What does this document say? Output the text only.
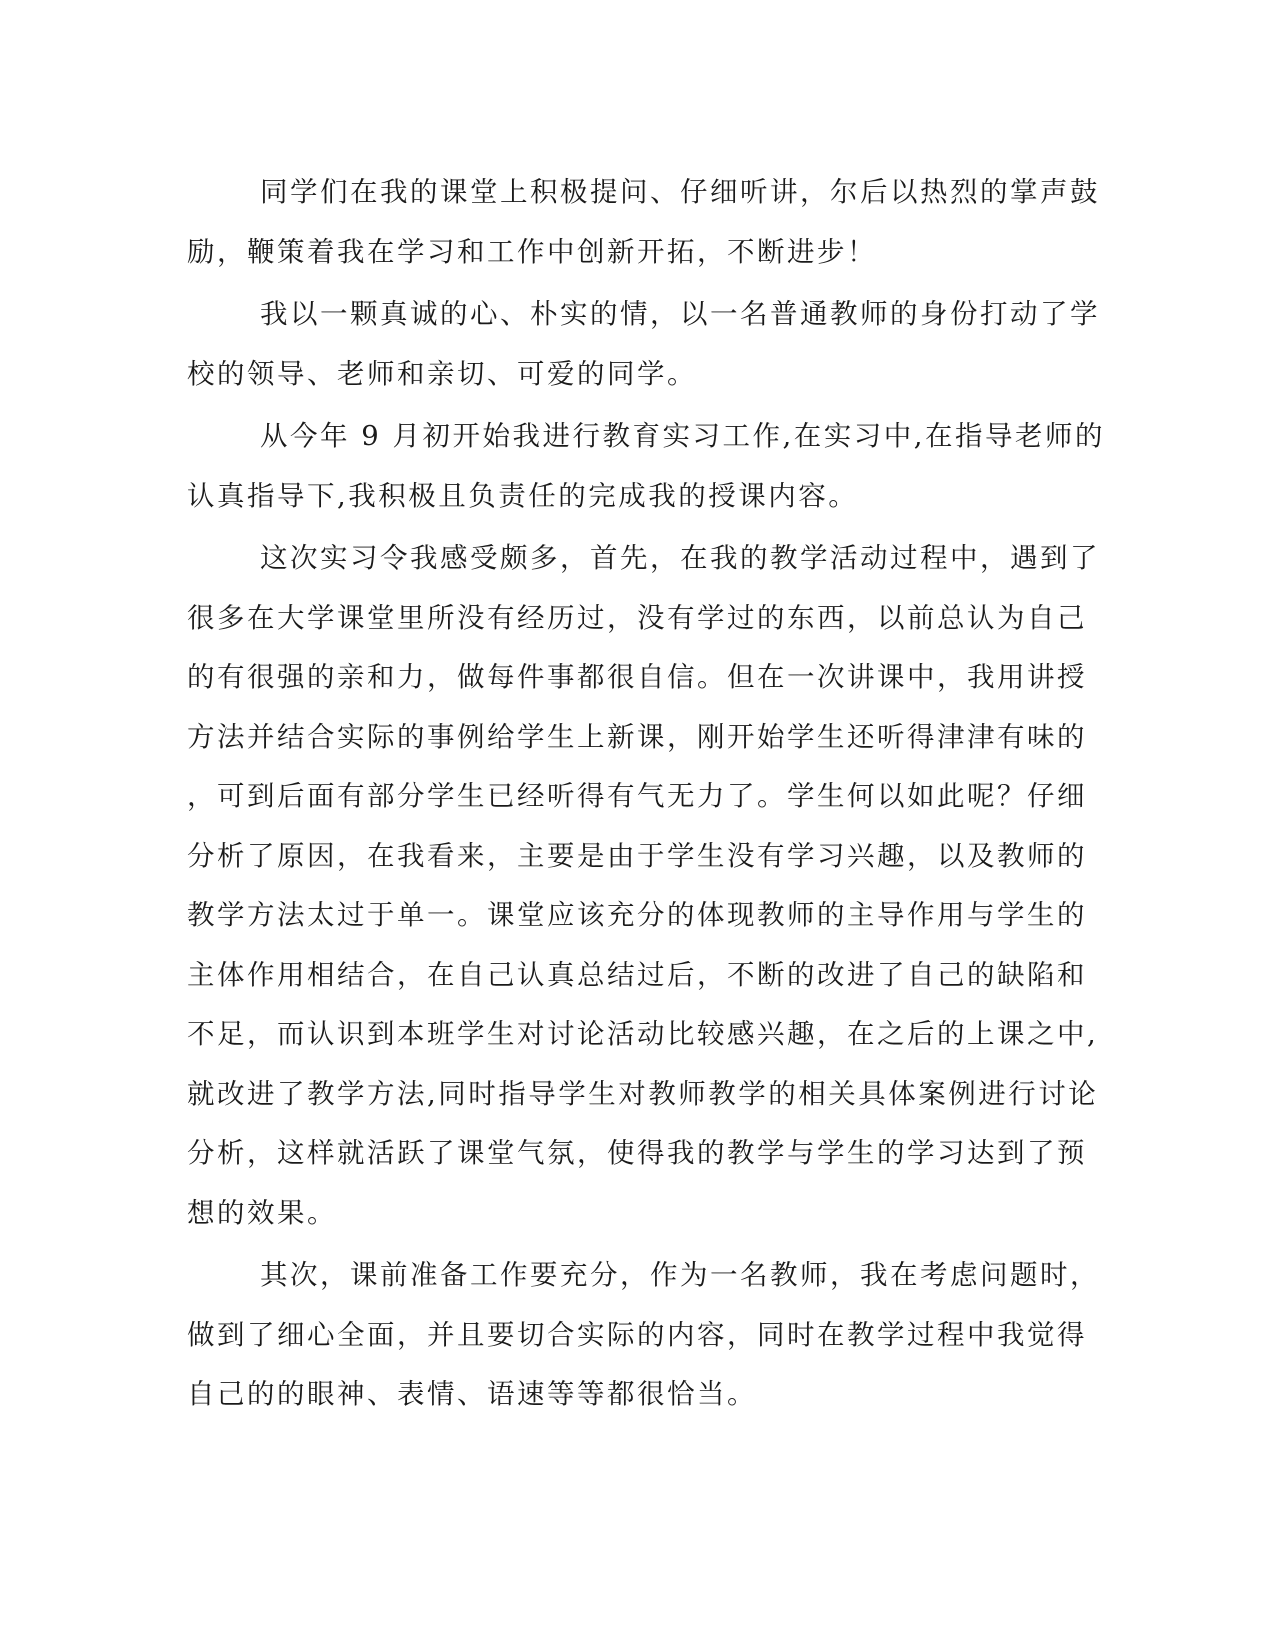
同学们在我的课堂上积极提问、仔细听讲，尔后以热烈的掌声鼓
励，鞭策着我在学习和工作中创新开拓，不断进步！
我以一颗真诚的心、朴实的情，以一名普通教师的身份打动了学
校的领导、老师和亲切、可爱的同学。
从今年 9 月初开始我进行教育实习工作,在实习中,在指导老师的
认真指导下,我积极且负责任的完成我的授课内容。
这次实习令我感受颇多，首先，在我的教学活动过程中，遇到了
很多在大学课堂里所没有经历过，没有学过的东西，以前总认为自己
的有很强的亲和力，做每件事都很自信。但在一次讲课中，我用讲授
方法并结合实际的事例给学生上新课，刚开始学生还听得津津有味的
，可到后面有部分学生已经听得有气无力了。学生何以如此呢？仔细
分析了原因，在我看来，主要是由于学生没有学习兴趣，以及教师的
教学方法太过于单一。课堂应该充分的体现教师的主导作用与学生的
主体作用相结合，在自己认真总结过后，不断的改进了自己的缺陷和
不足，而认识到本班学生对讨论活动比较感兴趣，在之后的上课之中,
就改进了教学方法,同时指导学生对教师教学的相关具体案例进行讨论
分析，这样就活跃了课堂气氛，使得我的教学与学生的学习达到了预
想的效果。
其次，课前准备工作要充分，作为一名教师，我在考虑问题时，
做到了细心全面，并且要切合实际的内容，同时在教学过程中我觉得
自己的的眼神、表情、语速等等都很恰当。
